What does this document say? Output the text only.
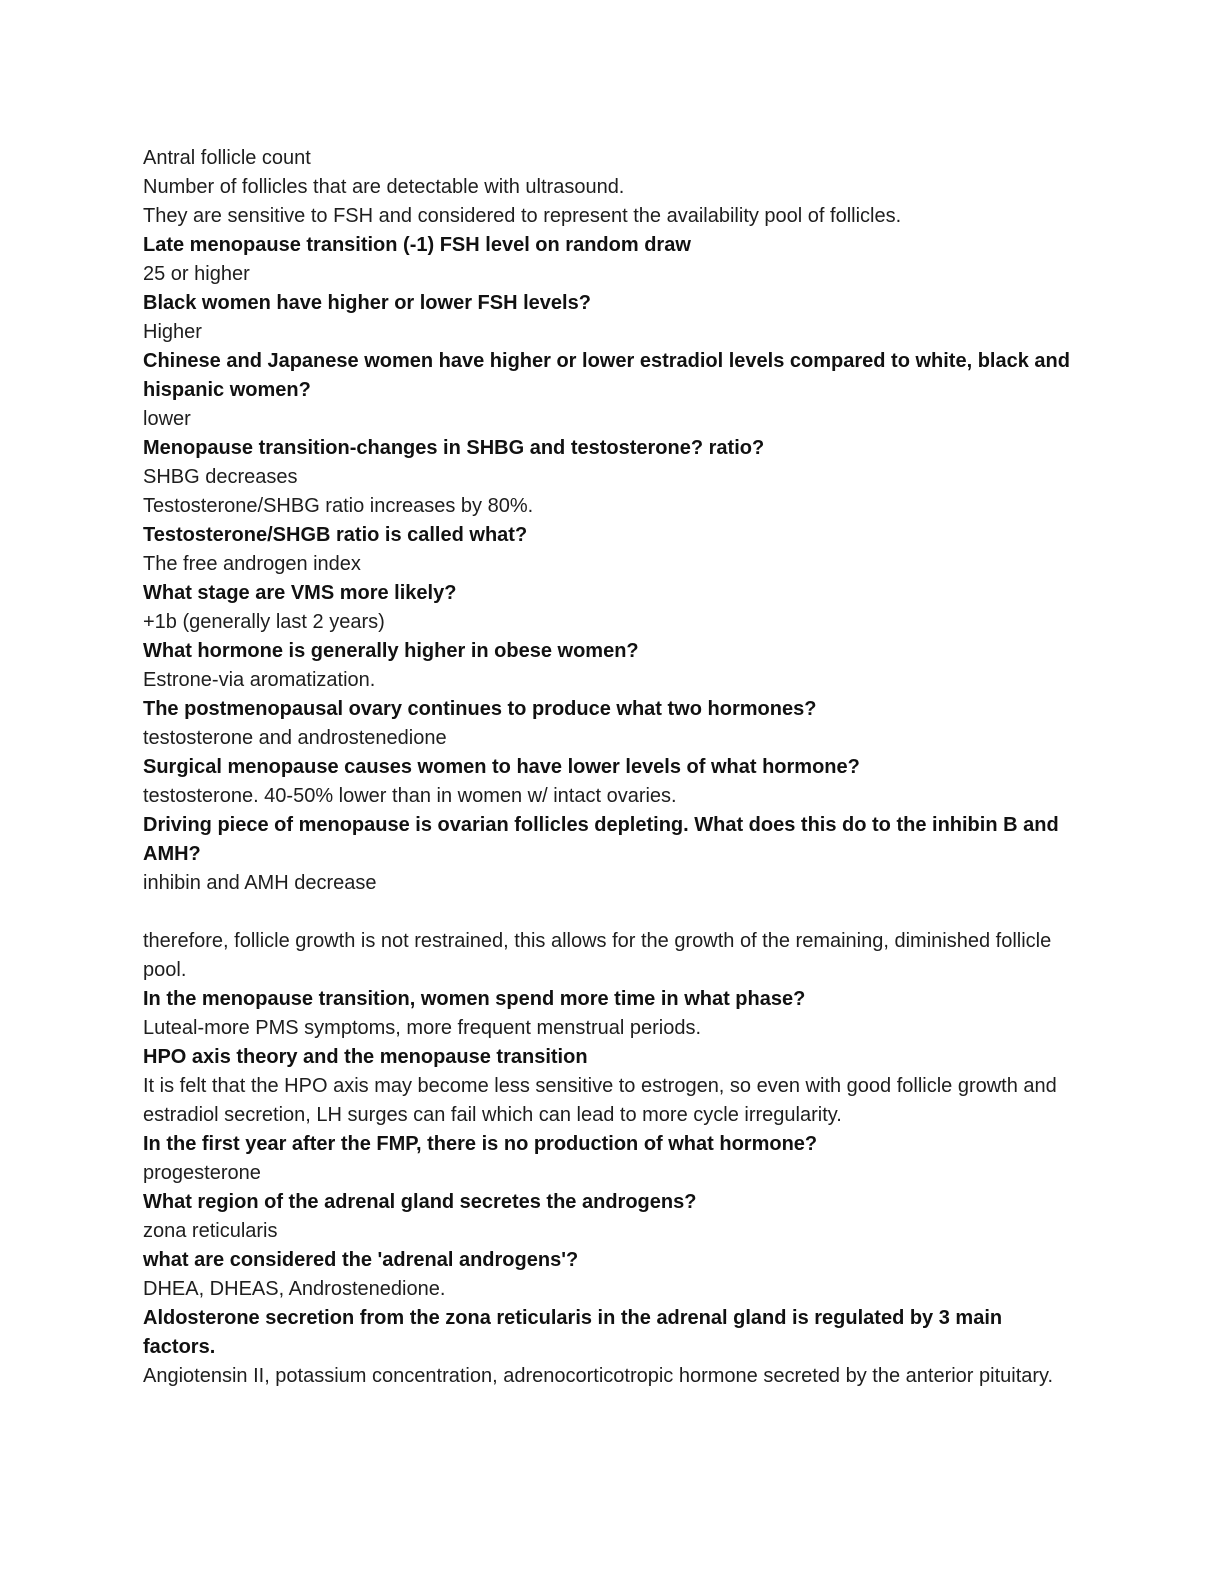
Antral follicle count

Number of follicles that are detectable with ultrasound.

They are sensitive to FSH and considered to represent the availability pool of follicles.

Late menopause transition (-1) FSH level on random draw

25 or higher

Black women have higher or lower FSH levels?

Higher

Chinese and Japanese women have higher or lower estradiol levels compared to white, black and hispanic women?

lower

Menopause transition-changes in SHBG and testosterone? ratio?

SHBG decreases

Testosterone/SHBG ratio increases by 80%.

Testosterone/SHGB ratio is called what?

The free androgen index

What stage are VMS more likely?

+1b (generally last 2 years)

What hormone is generally higher in obese women?

Estrone-via aromatization.

The postmenopausal ovary continues to produce what two hormones?

testosterone and androstenedione

Surgical menopause causes women to have lower levels of what hormone?

testosterone. 40-50% lower than in women w/ intact ovaries.

Driving piece of menopause is ovarian follicles depleting. What does this do to the inhibin B and AMH?

inhibin and AMH decrease

therefore, follicle growth is not restrained, this allows for the growth of the remaining, diminished follicle pool.

In the menopause transition, women spend more time in what phase?

Luteal-more PMS symptoms, more frequent menstrual periods.

HPO axis theory and the menopause transition

It is felt that the HPO axis may become less sensitive to estrogen, so even with good follicle growth and estradiol secretion, LH surges can fail which can lead to more cycle irregularity.

In the first year after the FMP, there is no production of what hormone?

progesterone

What region of the adrenal gland secretes the androgens?

zona reticularis

what are considered the 'adrenal androgens'?

DHEA, DHEAS, Androstenedione.

Aldosterone secretion from the zona reticularis in the adrenal gland is regulated by 3 main factors.

Angiotensin II, potassium concentration, adrenocorticotropic hormone secreted by the anterior pituitary.
